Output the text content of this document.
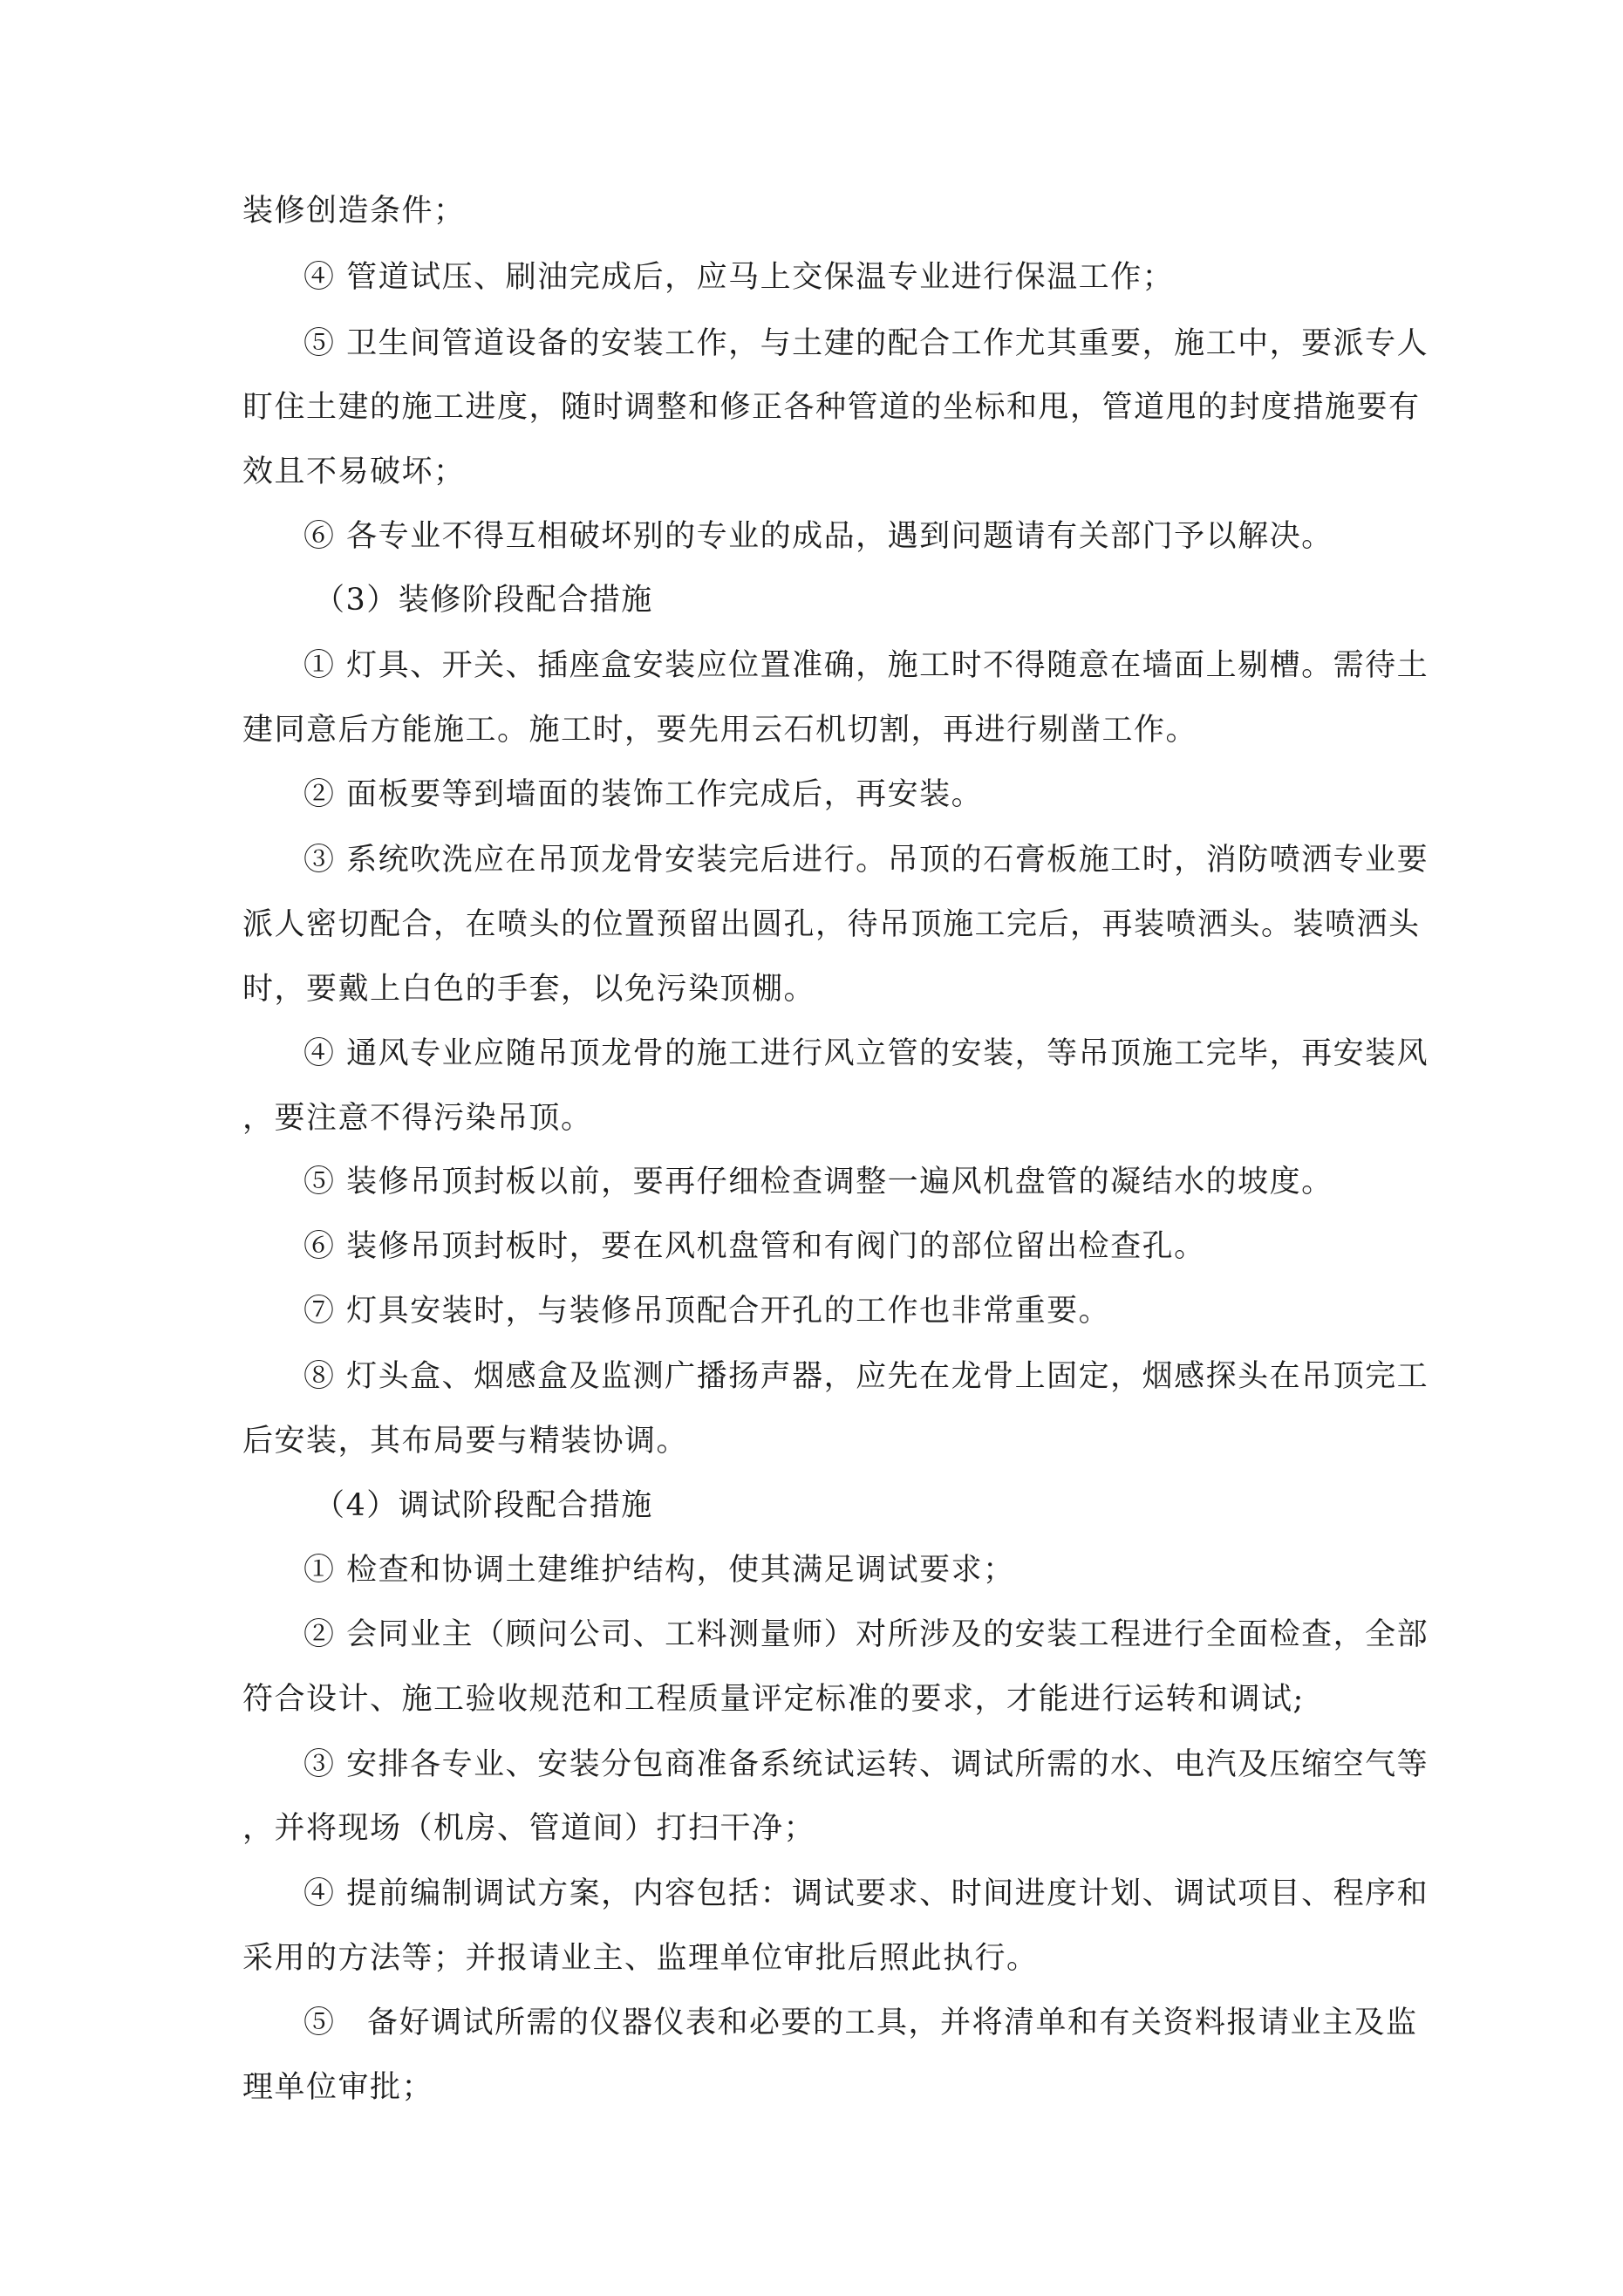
装修创造条件；
④ 管道试压、刷油完成后，应马上交保温专业进行保温工作；
⑤ 卫生间管道设备的安装工作，与土建的配合工作尤其重要，施工中，要派专人
盯住土建的施工进度，随时调整和修正各种管道的坐标和甩，管道甩的封度措施要有
效且不易破坏；
⑥ 各专业不得互相破坏别的专业的成品，遇到问题请有关部门予以解决。
（3）装修阶段配合措施
① 灯具、开关、插座盒安装应位置准确，施工时不得随意在墙面上剔槽。需待土
建同意后方能施工。施工时，要先用云石机切割，再进行剔凿工作。
② 面板要等到墙面的装饰工作完成后，再安装。
③ 系统吹洗应在吊顶龙骨安装完后进行。吊顶的石膏板施工时，消防喷洒专业要
派人密切配合，在喷头的位置预留出圆孔，待吊顶施工完后，再装喷洒头。装喷洒头
时，要戴上白色的手套，以免污染顶棚。
④ 通风专业应随吊顶龙骨的施工进行风立管的安装，等吊顶施工完毕，再安装风
，要注意不得污染吊顶。
⑤ 装修吊顶封板以前，要再仔细检查调整一遍风机盘管的凝结水的坡度。
⑥ 装修吊顶封板时，要在风机盘管和有阀门的部位留出检查孔。
⑦ 灯具安装时，与装修吊顶配合开孔的工作也非常重要。
⑧ 灯头盒、烟感盒及监测广播扬声器，应先在龙骨上固定，烟感探头在吊顶完工
后安装，其布局要与精装协调。
（4）调试阶段配合措施
① 检查和协调土建维护结构，使其满足调试要求；
② 会同业主（顾问公司、工料测量师）对所涉及的安装工程进行全面检查，全部
符合设计、施工验收规范和工程质量评定标准的要求，才能进行运转和调试;
③ 安排各专业、安装分包商准备系统试运转、调试所需的水、电汽及压缩空气等
，并将现场（机房、管道间）打扫干净；
④ 提前编制调试方案，内容包括：调试要求、时间进度计划、调试项目、程序和
采用的方法等；并报请业主、监理单位审批后照此执行。
⑤　备好调试所需的仪器仪表和必要的工具，并将清单和有关资料报请业主及监
理单位审批；
